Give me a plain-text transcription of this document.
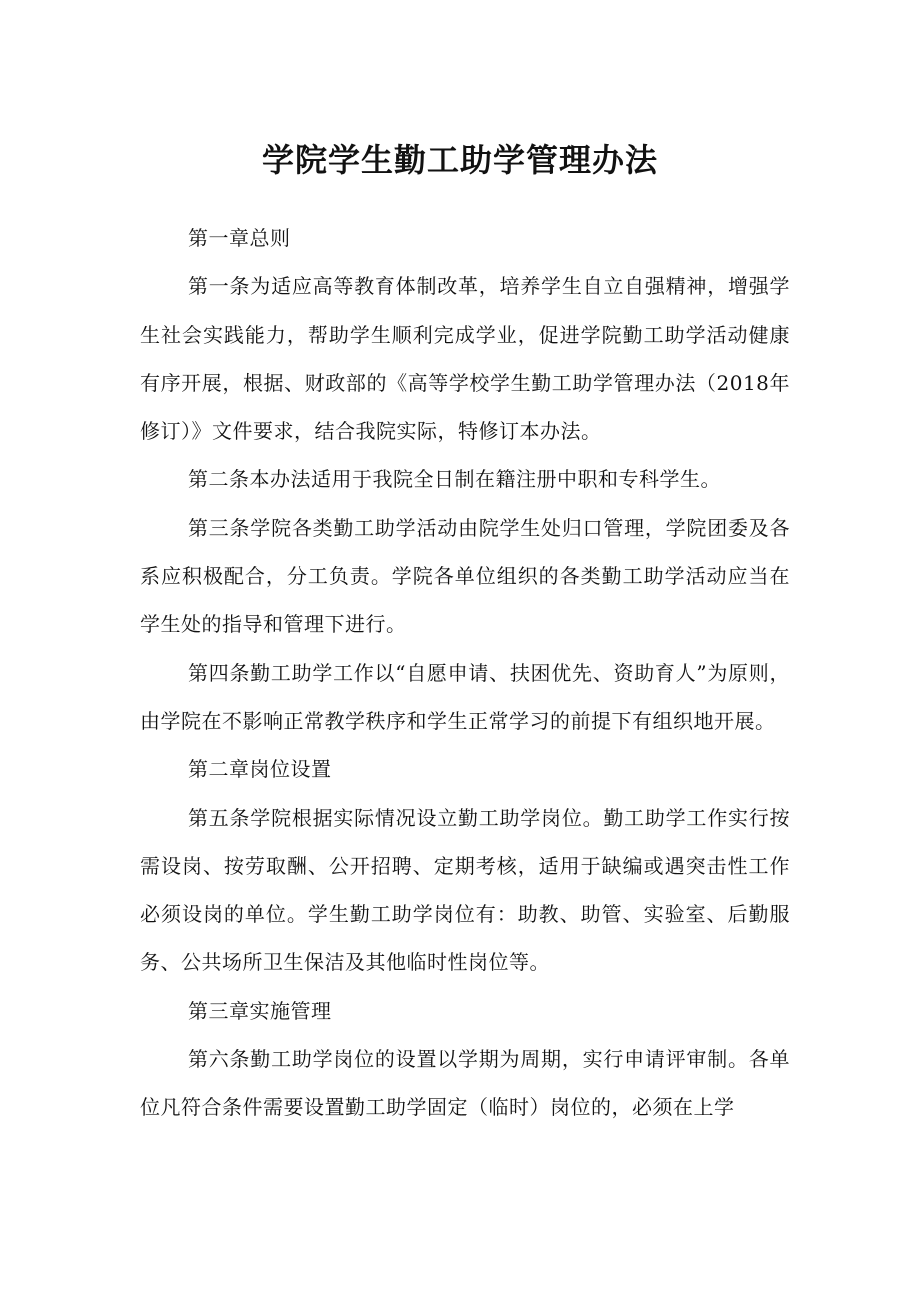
学院学生勤工助学管理办法

第一章总则

第一条为适应高等教育体制改革，培养学生自立自强精神，增强学生社会实践能力，帮助学生顺利完成学业，促进学院勤工助学活动健康有序开展，根据、财政部的《高等学校学生勤工助学管理办法（2018年修订）》文件要求，结合我院实际，特修订本办法。

第二条本办法适用于我院全日制在籍注册中职和专科学生。

第三条学院各类勤工助学活动由院学生处归口管理，学院团委及各系应积极配合，分工负责。学院各单位组织的各类勤工助学活动应当在学生处的指导和管理下进行。

第四条勤工助学工作以“自愿申请、扶困优先、资助育人”为原则，由学院在不影响正常教学秩序和学生正常学习的前提下有组织地开展。

第二章岗位设置

第五条学院根据实际情况设立勤工助学岗位。勤工助学工作实行按需设岗、按劳取酬、公开招聘、定期考核，适用于缺编或遇突击性工作必须设岗的单位。学生勤工助学岗位有：助教、助管、实验室、后勤服务、公共场所卫生保洁及其他临时性岗位等。

第三章实施管理

第六条勤工助学岗位的设置以学期为周期，实行申请评审制。各单位凡符合条件需要设置勤工助学固定（临时）岗位的，必须在上学
